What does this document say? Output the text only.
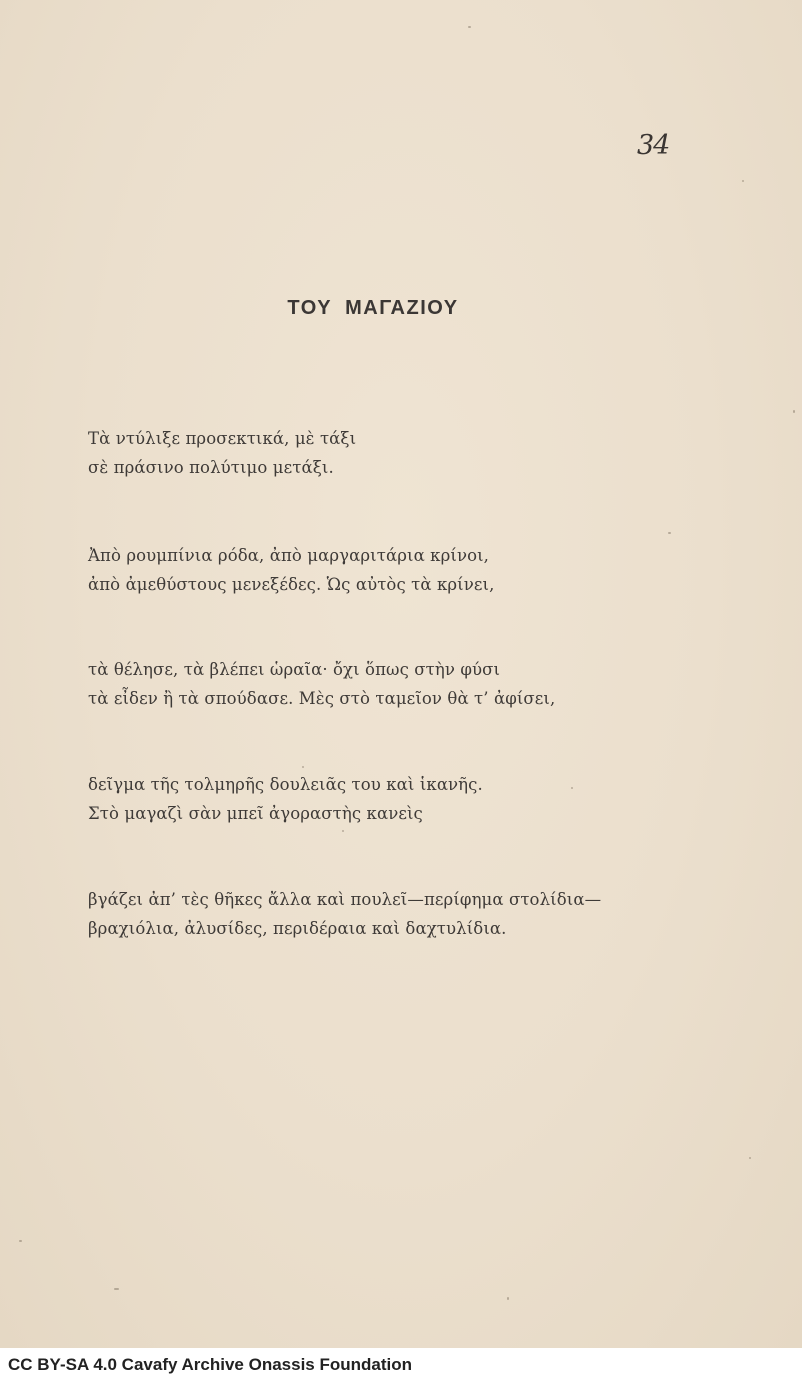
34

ΤΟΥ ΜΑΓΑΖΙΟΥ
Τὰ ντύλιξε προσεκτικά, μὲ τάξι
σὲ πράσινο πολύτιμο μετάξι.
Ἀπὸ ρουμπίνια ρόδα, ἀπὸ μαργαριτάρια κρίνοι,
ἀπὸ ἀμεθύστους μενεξέδες. Ὡς αὐτὸς τὰ κρίνει,
τὰ θέλησε, τὰ βλέπει ὡραῖα· ὄχι ὅπως στὴν φύσι
τὰ εἶδεν ἢ τὰ σπούδασε. Μὲς στὸ ταμεῖον θὰ τ’ ἀφίσει,
δεῖγμα τῆς τολμηρῆς δουλειᾶς του καὶ ἱκανῆς.
Στὸ μαγαζὶ σὰν μπεῖ ἀγοραστὴς κανεὶς
βγάζει ἀπ’ τὲς θῆκες ἄλλα καὶ πουλεῖ—περίφημα στολίδια—
βραχιόλια, ἀλυσίδες, περιδέραια καὶ δαχτυλίδια.

CC BY-SA 4.0 Cavafy Archive Onassis Foundation
